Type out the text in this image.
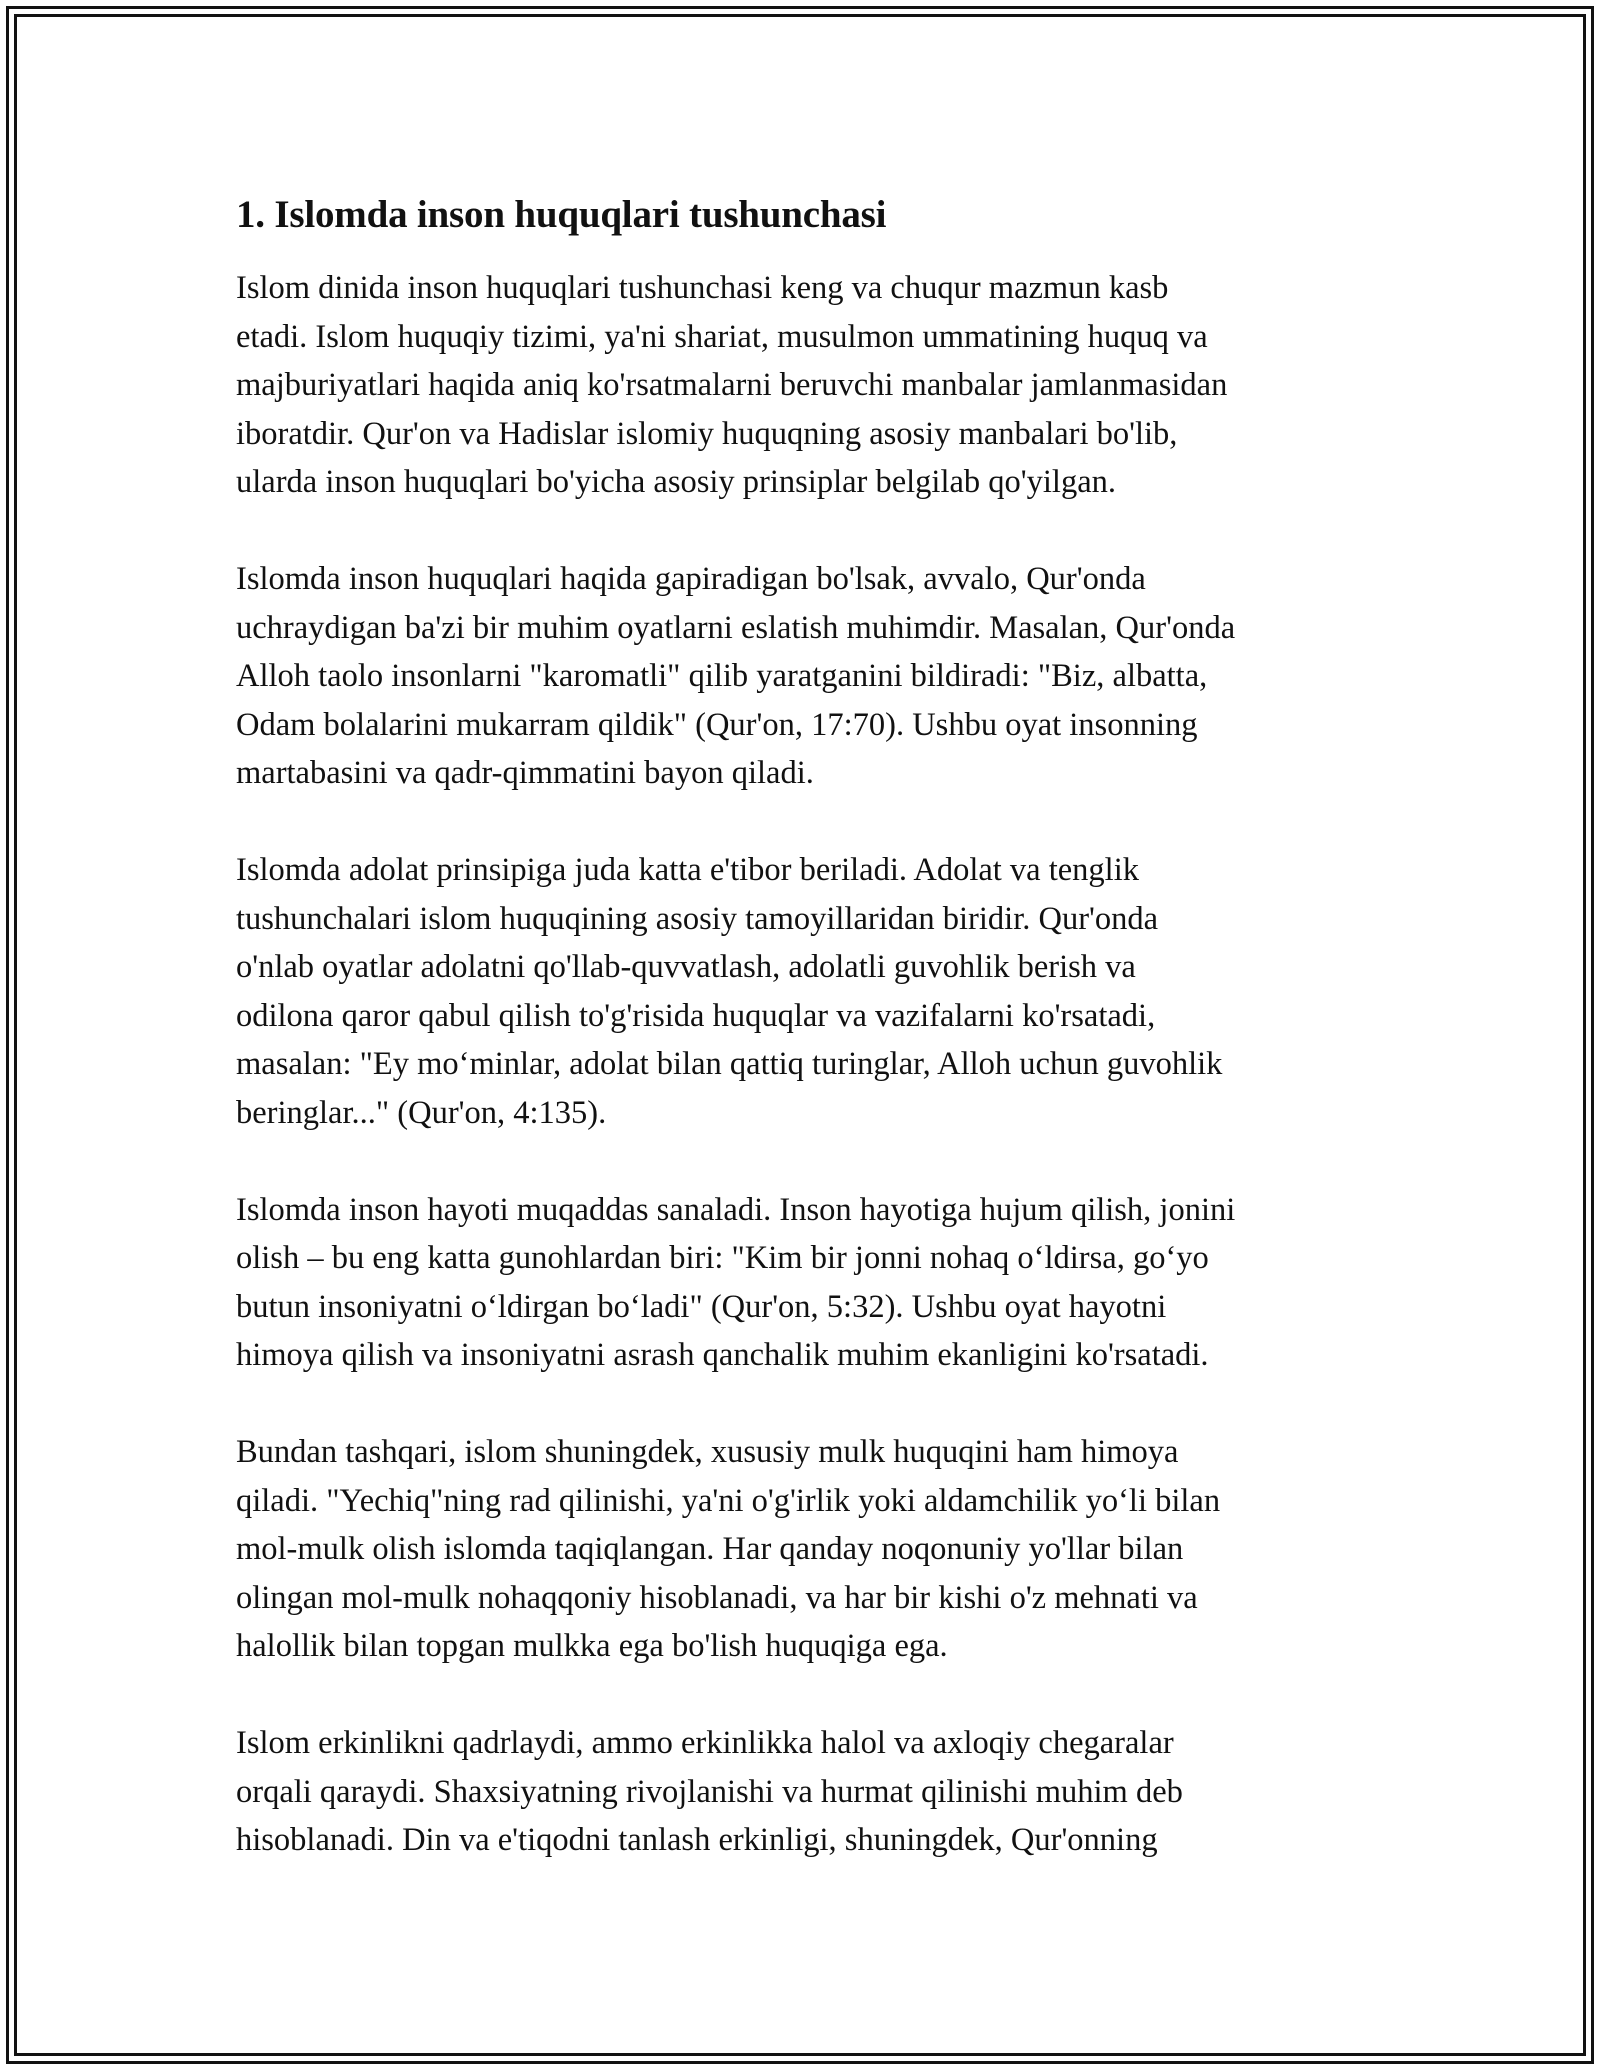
1. Islomda inson huquqlari tushunchasi

Islom dinida inson huquqlari tushunchasi keng va chuqur mazmun kasb
etadi. Islom huquqiy tizimi, ya'ni shariat, musulmon ummatining huquq va
majburiyatlari haqida aniq ko'rsatmalarni beruvchi manbalar jamlanmasidan
iboratdir. Qur'on va Hadislar islomiy huquqning asosiy manbalari bo'lib,
ularda inson huquqlari bo'yicha asosiy prinsiplar belgilab qo'yilgan.

Islomda inson huquqlari haqida gapiradigan bo'lsak, avvalo, Qur'onda
uchraydigan ba'zi bir muhim oyatlarni eslatish muhimdir. Masalan, Qur'onda
Alloh taolo insonlarni "karomatli" qilib yaratganini bildiradi: "Biz, albatta,
Odam bolalarini mukarram qildik" (Qur'on, 17:70). Ushbu oyat insonning
martabasini va qadr-qimmatini bayon qiladi.

Islomda adolat prinsipiga juda katta e'tibor beriladi. Adolat va tenglik
tushunchalari islom huquqining asosiy tamoyillaridan biridir. Qur'onda
o'nlab oyatlar adolatni qo'llab-quvvatlash, adolatli guvohlik berish va
odilona qaror qabul qilish to'g'risida huquqlar va vazifalarni ko'rsatadi,
masalan: "Ey mo‘minlar, adolat bilan qattiq turinglar, Alloh uchun guvohlik
beringlar..." (Qur'on, 4:135).

Islomda inson hayoti muqaddas sanaladi. Inson hayotiga hujum qilish, jonini
olish – bu eng katta gunohlardan biri: "Kim bir jonni nohaq o‘ldirsa, go‘yo
butun insoniyatni o‘ldirgan bo‘ladi" (Qur'on, 5:32). Ushbu oyat hayotni
himoya qilish va insoniyatni asrash qanchalik muhim ekanligini ko'rsatadi.

Bundan tashqari, islom shuningdek, xususiy mulk huquqini ham himoya
qiladi. "Yechiq"ning rad qilinishi, ya'ni o'g'irlik yoki aldamchilik yo‘li bilan
mol-mulk olish islomda taqiqlangan. Har qanday noqonuniy yo'llar bilan
olingan mol-mulk nohaqqoniy hisoblanadi, va har bir kishi o'z mehnati va
halollik bilan topgan mulkka ega bo'lish huquqiga ega.

Islom erkinlikni qadrlaydi, ammo erkinlikka halol va axloqiy chegaralar
orqali qaraydi. Shaxsiyatning rivojlanishi va hurmat qilinishi muhim deb
hisoblanadi. Din va e'tiqodni tanlash erkinligi, shuningdek, Qur'onning
